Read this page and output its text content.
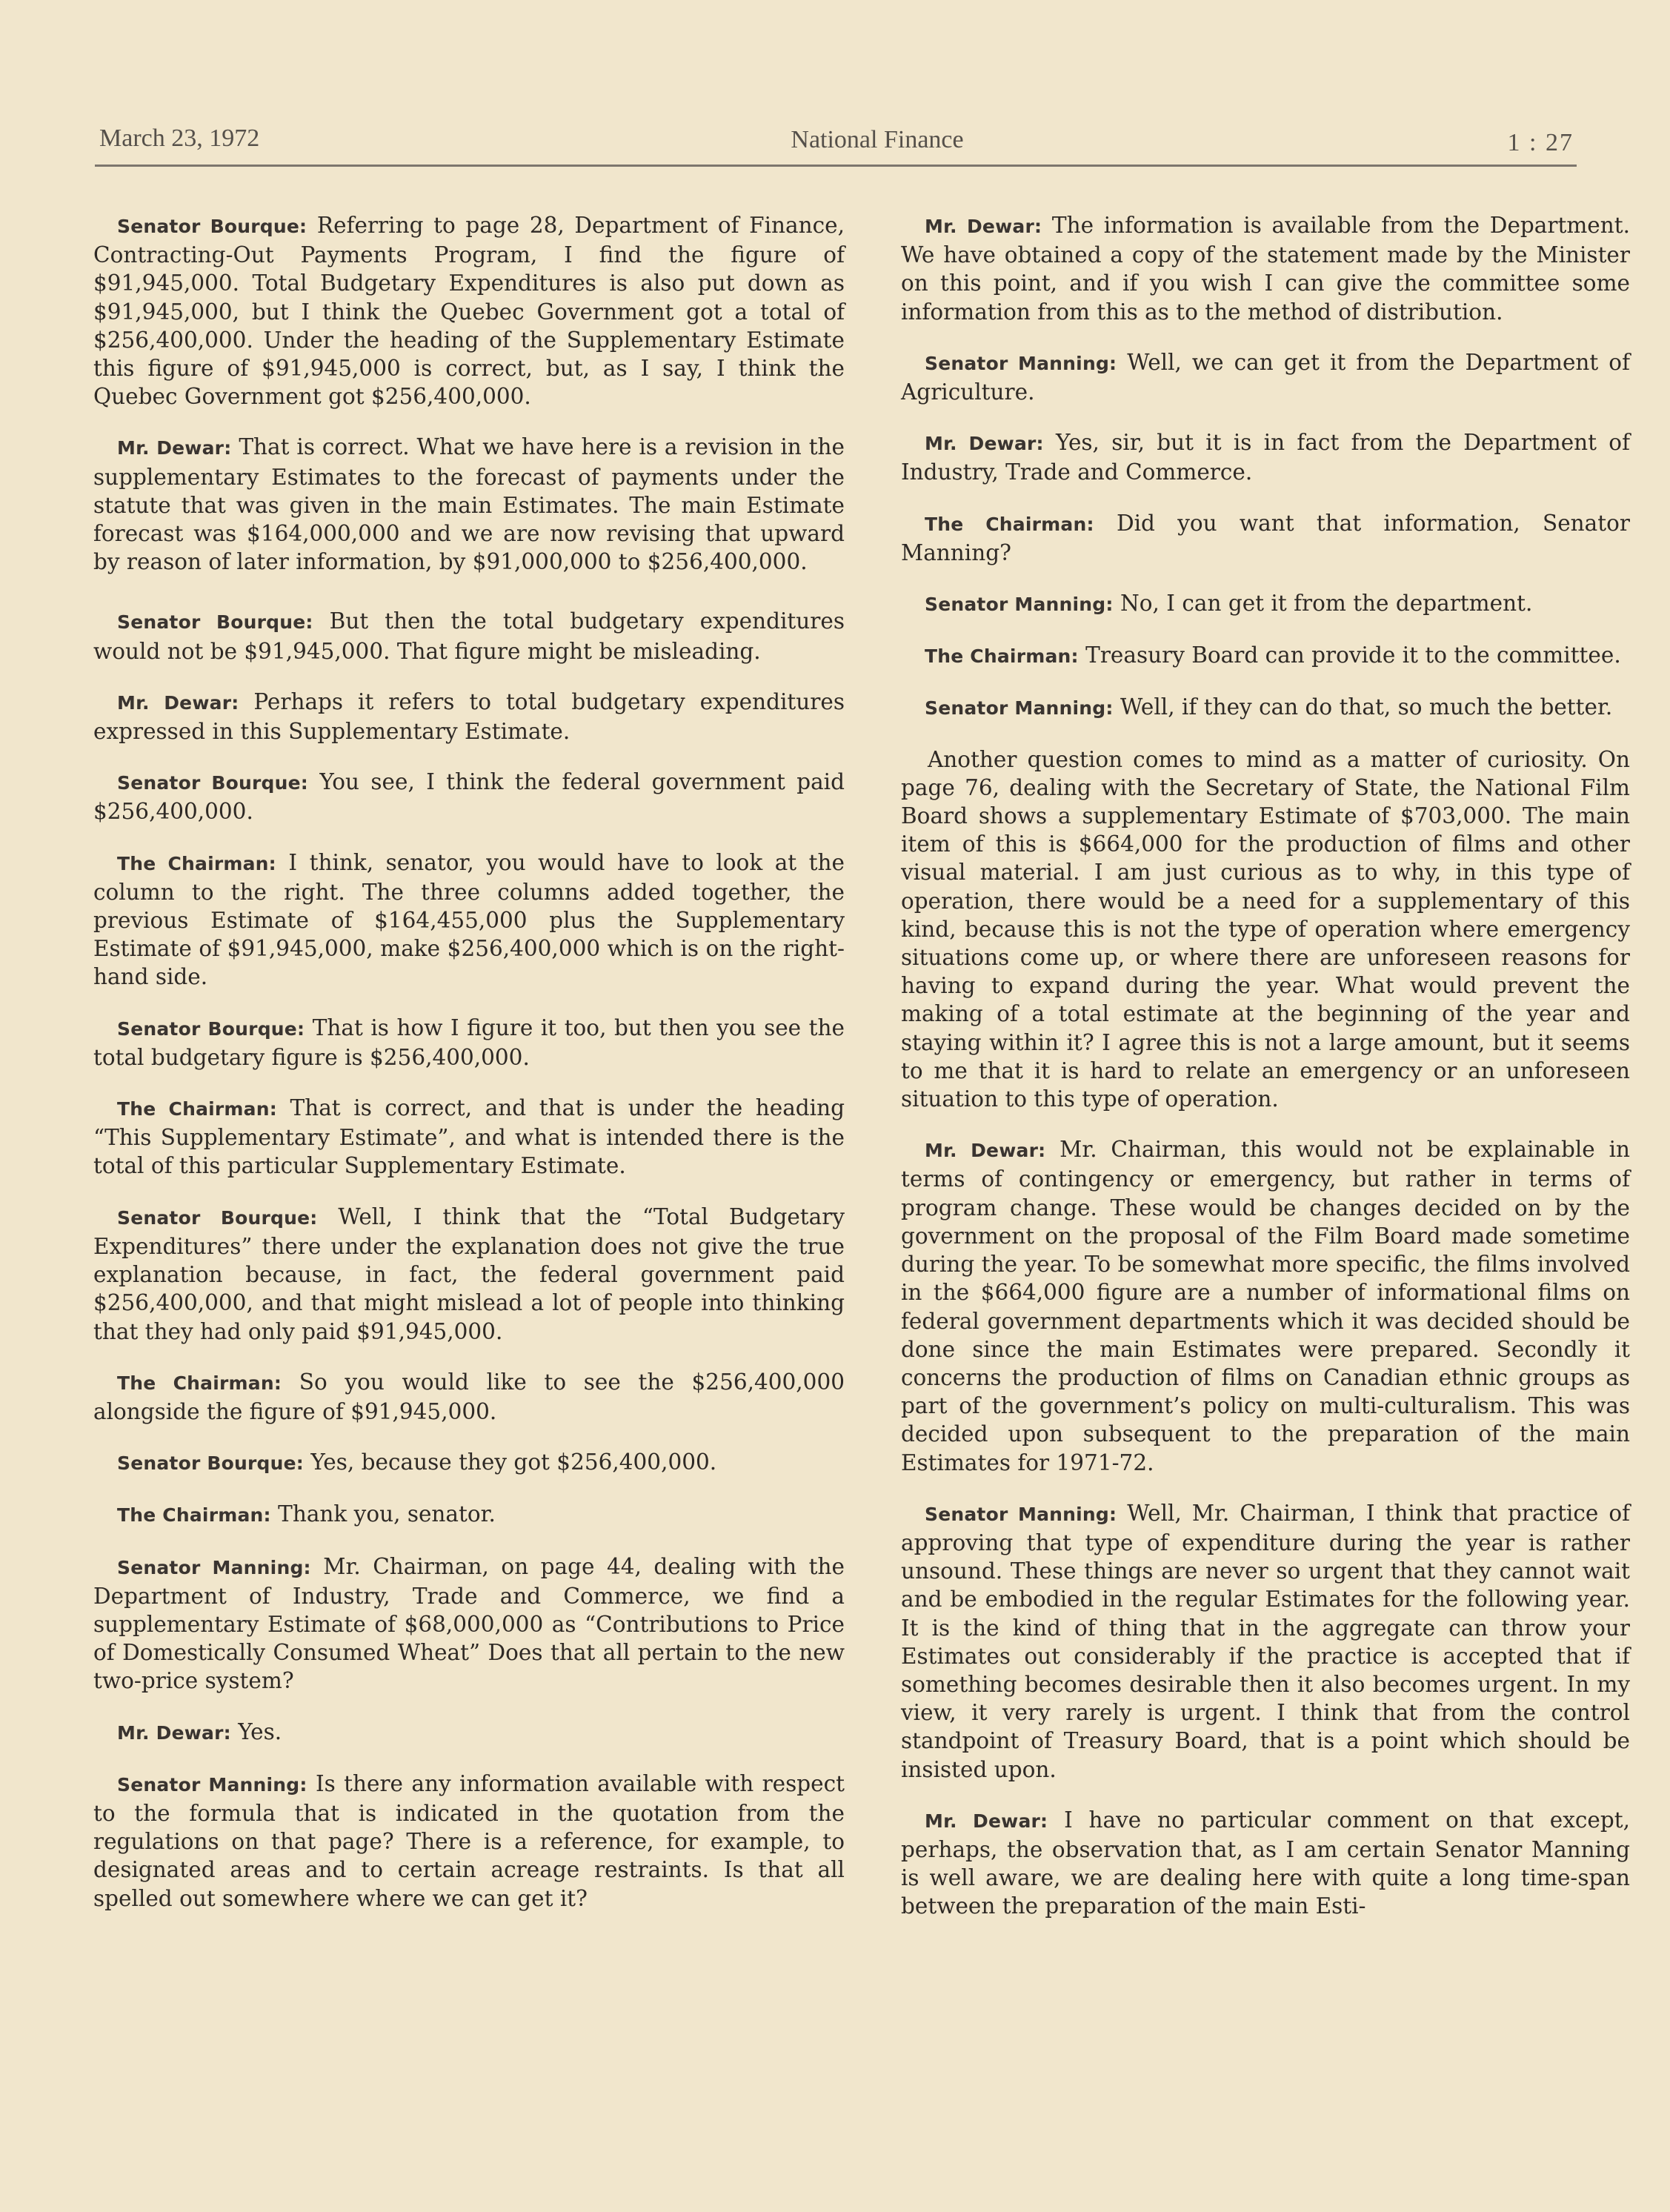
March 23, 1972	National Finance	1 : 27

Senator Bourque: Referring to page 28, Department of Finance, Contracting-Out Payments Program, I find the figure of $91,945,000. Total Budgetary Expenditures is also put down as $91,945,000, but I think the Quebec Government got a total of $256,400,000. Under the heading of the Supplementary Estimate this figure of $91,945,000 is correct, but, as I say, I think the Quebec Government got $256,400,000.

Mr. Dewar: That is correct. What we have here is a revision in the supplementary Estimates to the forecast of payments under the statute that was given in the main Estimates. The main Estimate forecast was $164,000,000 and we are now revising that upward by reason of later information, by $91,000,000 to $256,400,000.

Senator Bourque: But then the total budgetary expenditures would not be $91,945,000. That figure might be misleading.

Mr. Dewar: Perhaps it refers to total budgetary expenditures expressed in this Supplementary Estimate.

Senator Bourque: You see, I think the federal government paid $256,400,000.

The Chairman: I think, senator, you would have to look at the column to the right. The three columns added together, the previous Estimate of $164,455,000 plus the Supplementary Estimate of $91,945,000, make $256,400,000 which is on the right-hand side.

Senator Bourque: That is how I figure it too, but then you see the total budgetary figure is $256,400,000.

The Chairman: That is correct, and that is under the heading “This Supplementary Estimate”, and what is intended there is the total of this particular Supplementary Estimate.

Senator Bourque: Well, I think that the “Total Budgetary Expenditures” there under the explanation does not give the true explanation because, in fact, the federal government paid $256,400,000, and that might mislead a lot of people into thinking that they had only paid $91,945,000.

The Chairman: So you would like to see the $256,400,000 alongside the figure of $91,945,000.

Senator Bourque: Yes, because they got $256,400,000.

The Chairman: Thank you, senator.

Senator Manning: Mr. Chairman, on page 44, dealing with the Department of Industry, Trade and Commerce, we find a supplementary Estimate of $68,000,000 as “Contributions to Price of Domestically Consumed Wheat” Does that all pertain to the new two-price system?

Mr. Dewar: Yes.

Senator Manning: Is there any information available with respect to the formula that is indicated in the quotation from the regulations on that page? There is a reference, for example, to designated areas and to certain acreage restraints. Is that all spelled out somewhere where we can get it?

Mr. Dewar: The information is available from the Department. We have obtained a copy of the statement made by the Minister on this point, and if you wish I can give the committee some information from this as to the method of distribution.

Senator Manning: Well, we can get it from the Department of Agriculture.

Mr. Dewar: Yes, sir, but it is in fact from the Department of Industry, Trade and Commerce.

The Chairman: Did you want that information, Senator Manning?

Senator Manning: No, I can get it from the department.

The Chairman: Treasury Board can provide it to the committee.

Senator Manning: Well, if they can do that, so much the better.

Another question comes to mind as a matter of curiosity. On page 76, dealing with the Secretary of State, the National Film Board shows a supplementary Estimate of $703,000. The main item of this is $664,000 for the production of films and other visual material. I am just curious as to why, in this type of operation, there would be a need for a supplementary of this kind, because this is not the type of operation where emergency situations come up, or where there are unforeseen reasons for having to expand during the year. What would prevent the making of a total estimate at the beginning of the year and staying within it? I agree this is not a large amount, but it seems to me that it is hard to relate an emergency or an unforeseen situation to this type of operation.

Mr. Dewar: Mr. Chairman, this would not be explainable in terms of contingency or emergency, but rather in terms of program change. These would be changes decided on by the government on the proposal of the Film Board made sometime during the year. To be somewhat more specific, the films involved in the $664,000 figure are a number of informational films on federal government departments which it was decided should be done since the main Estimates were prepared. Secondly it concerns the production of films on Canadian ethnic groups as part of the government’s policy on multi-culturalism. This was decided upon subsequent to the preparation of the main Estimates for 1971-72.

Senator Manning: Well, Mr. Chairman, I think that practice of approving that type of expenditure during the year is rather unsound. These things are never so urgent that they cannot wait and be embodied in the regular Estimates for the following year. It is the kind of thing that in the aggregate can throw your Estimates out considerably if the practice is accepted that if something becomes desirable then it also becomes urgent. In my view, it very rarely is urgent. I think that from the control standpoint of Treasury Board, that is a point which should be insisted upon.

Mr. Dewar: I have no particular comment on that except, perhaps, the observation that, as I am certain Senator Manning is well aware, we are dealing here with quite a long time-span between the preparation of the main Esti-
